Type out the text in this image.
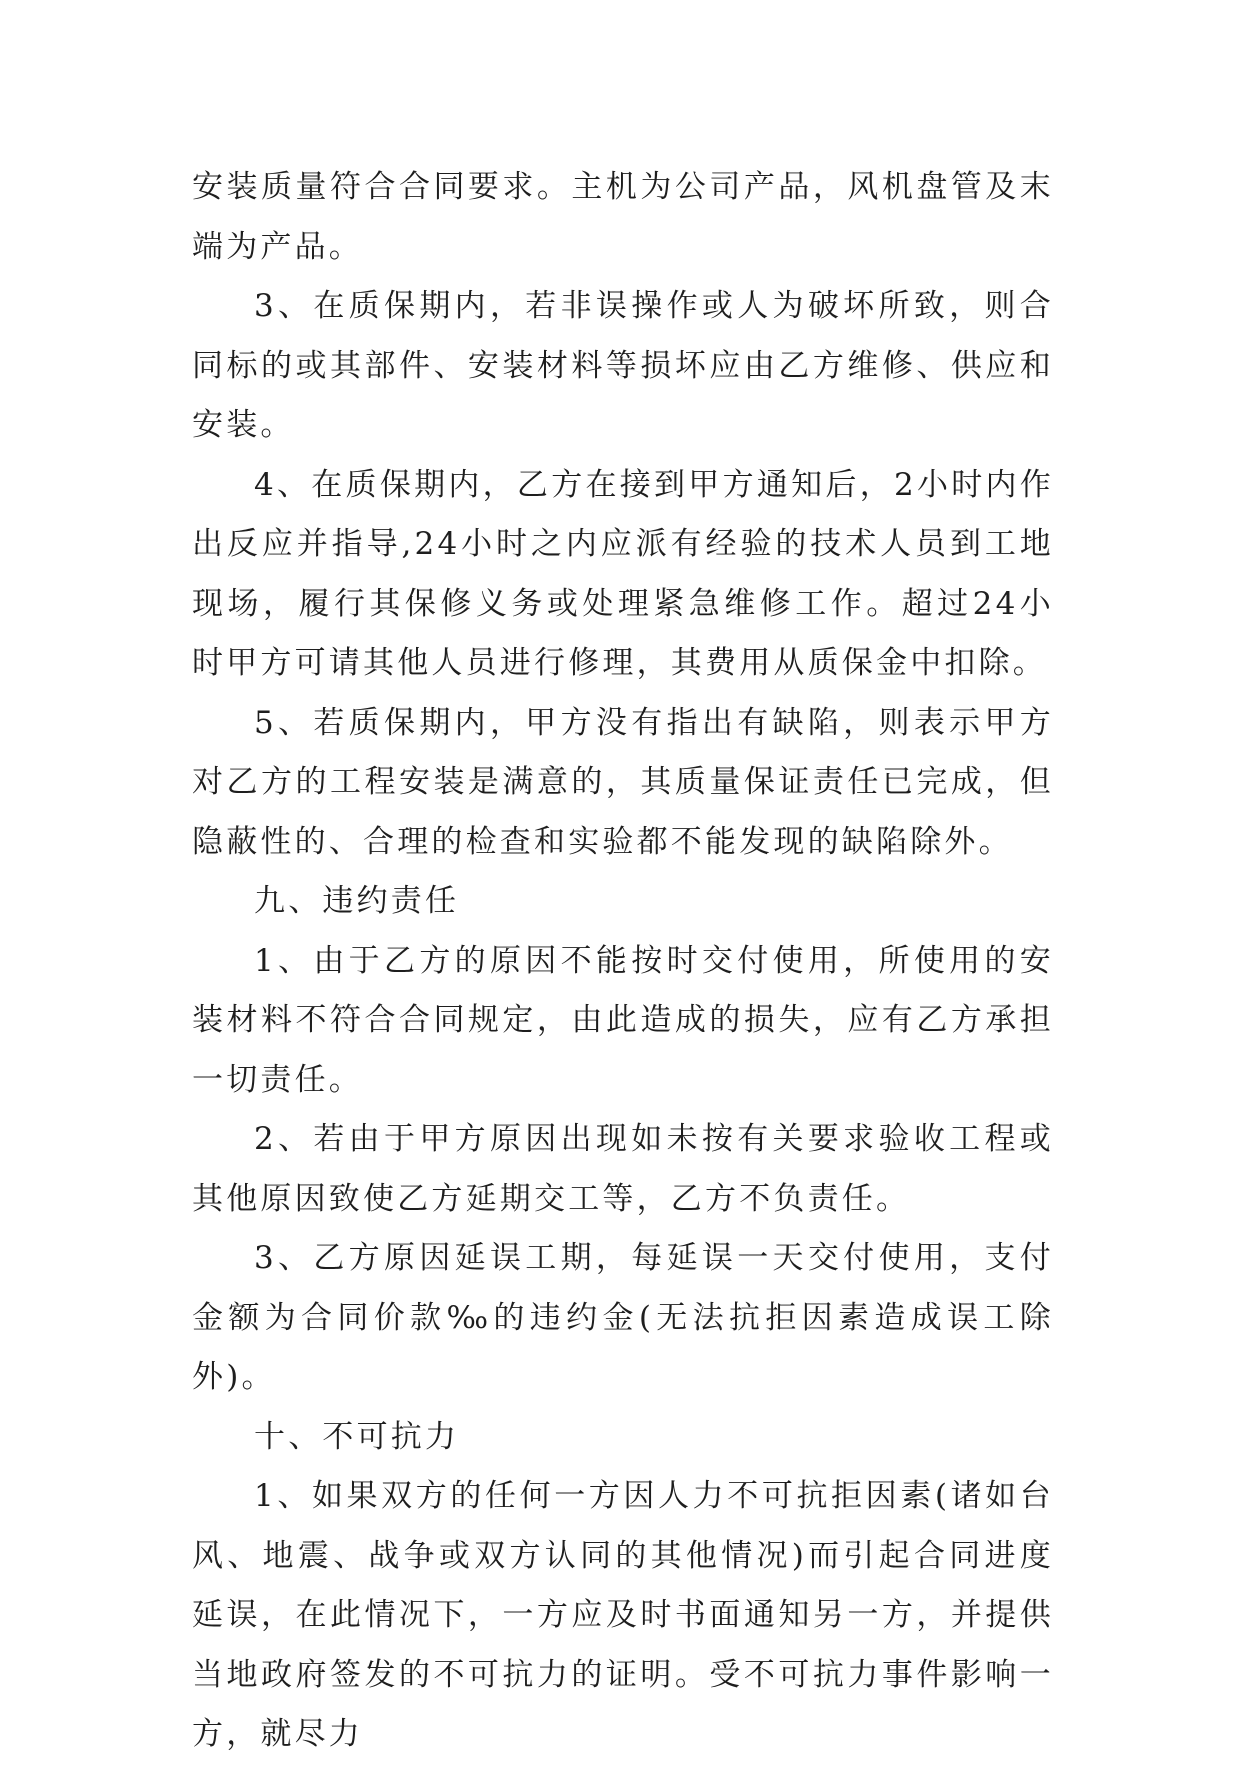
安装质量符合合同要求。主机为公司产品，风机盘管及末端为产品。

3、在质保期内，若非误操作或人为破坏所致，则合同标的或其部件、安装材料等损坏应由乙方维修、供应和安装。

4、在质保期内，乙方在接到甲方通知后，2小时内作出反应并指导,24小时之内应派有经验的技术人员到工地现场，履行其保修义务或处理紧急维修工作。超过24小时甲方可请其他人员进行修理，其费用从质保金中扣除。

5、若质保期内，甲方没有指出有缺陷，则表示甲方对乙方的工程安装是满意的，其质量保证责任已完成，但隐蔽性的、合理的检查和实验都不能发现的缺陷除外。

九、违约责任

1、由于乙方的原因不能按时交付使用，所使用的安装材料不符合合同规定，由此造成的损失，应有乙方承担一切责任。

2、若由于甲方原因出现如未按有关要求验收工程或其他原因致使乙方延期交工等，乙方不负责任。

3、乙方原因延误工期，每延误一天交付使用，支付金额为合同价款‰的违约金(无法抗拒因素造成误工除外)。

十、不可抗力

1、如果双方的任何一方因人力不可抗拒因素(诸如台风、地震、战争或双方认同的其他情况)而引起合同进度延误，在此情况下，一方应及时书面通知另一方，并提供当地政府签发的不可抗力的证明。受不可抗力事件影响一方，就尽力
